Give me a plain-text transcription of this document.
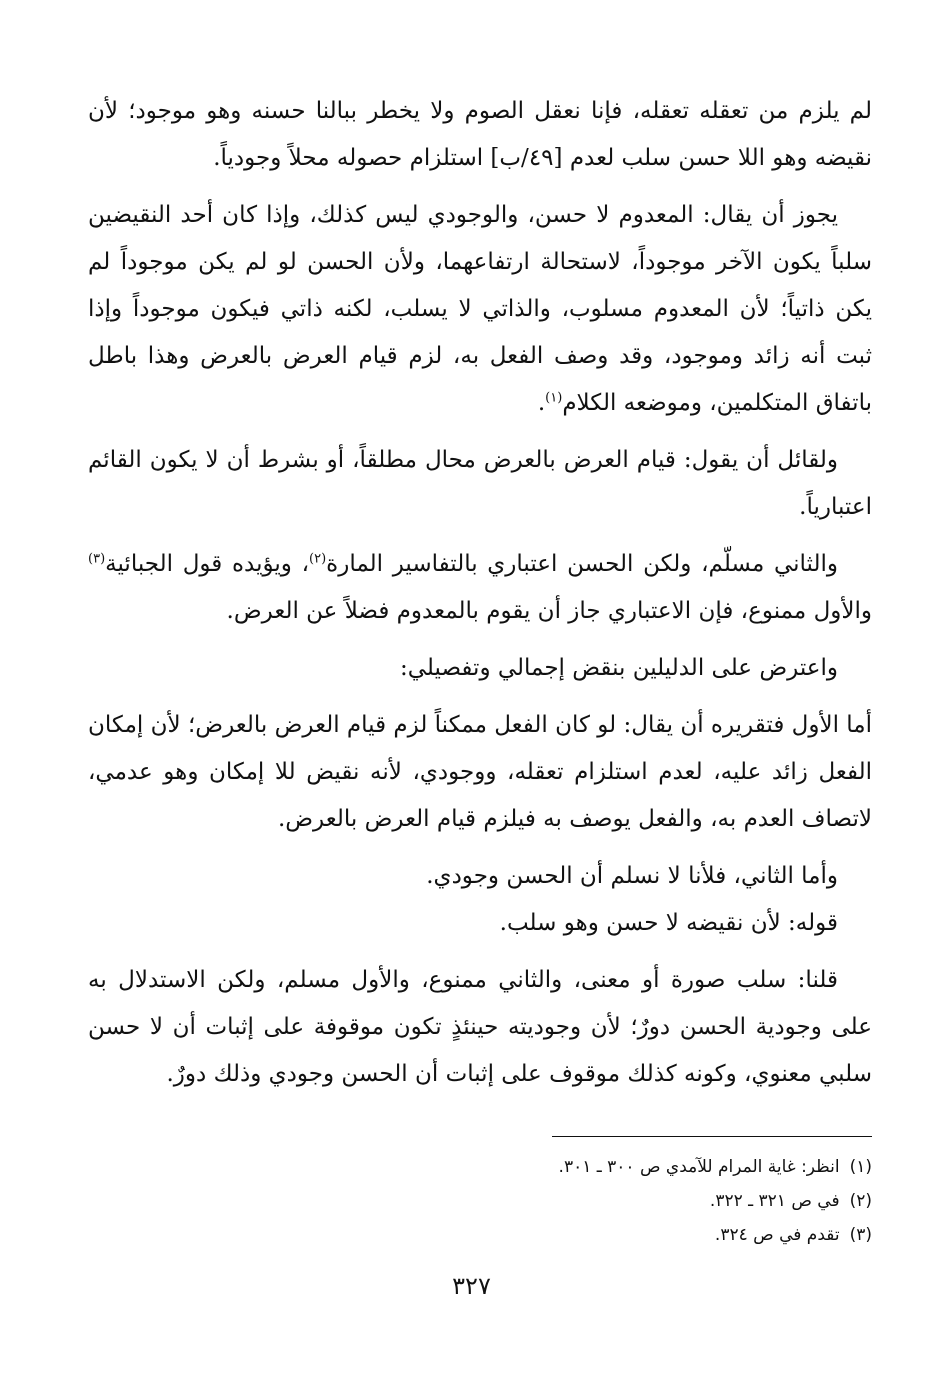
لم يلزم من تعقله تعقله، فإنا نعقل الصوم ولا يخطر ببالنا حسنه وهو موجود؛ لأن نقيضه وهو اللا حسن سلب لعدم [٤٩/ب] استلزام حصوله محلاً وجودياً.

يجوز أن يقال: المعدوم لا حسن، والوجودي ليس كذلك، وإذا كان أحد النقيضين سلباً يكون الآخر موجوداً، لاستحالة ارتفاعهما، ولأن الحسن لو لم يكن موجوداً لم يكن ذاتياً؛ لأن المعدوم مسلوب، والذاتي لا يسلب، لكنه ذاتي فيكون موجوداً وإذا ثبت أنه زائد وموجود، وقد وصف الفعل به، لزم قيام العرض بالعرض وهذا باطل باتفاق المتكلمين، وموضعه الكلام$^{(١)}$.

ولقائل أن يقول: قيام العرض بالعرض محال مطلقاً، أو بشرط أن لا يكون القائم اعتبارياً.

والثاني مسلّم، ولكن الحسن اعتباري بالتفاسير المارة$^{(٢)}$، ويؤيده قول الجبائية$^{(٣)}$ والأول ممنوع، فإن الاعتباري جاز أن يقوم بالمعدوم فضلاً عن العرض.

واعترض على الدليلين بنقض إجمالي وتفصيلي:

أما الأول فتقريره أن يقال: لو كان الفعل ممكناً لزم قيام العرض بالعرض؛ لأن إمكان الفعل زائد عليه، لعدم استلزام تعقله، ووجودي، لأنه نقيض للا إمكان وهو عدمي، لاتصاف العدم به، والفعل يوصف به فيلزم قيام العرض بالعرض.

وأما الثاني، فلأنا لا نسلم أن الحسن وجودي.

قوله: لأن نقيضه لا حسن وهو سلب.

قلنا: سلب صورة أو معنى، والثاني ممنوع، والأول مسلم، ولكن الاستدلال به على وجودية الحسن دورٌ؛ لأن وجوديته حينئذٍ تكون موقوفة على إثبات أن لا حسن سلبي معنوي، وكونه كذلك موقوف على إثبات أن الحسن وجودي وذلك دورٌ.

(١)انظر: غاية المرام للآمدي ص ٣٠٠ ـ ٣٠١.

(٢)في ص ٣٢١ ـ ٣٢٢.

(٣)تقدم في ص ٣٢٤.

٣٢٧
